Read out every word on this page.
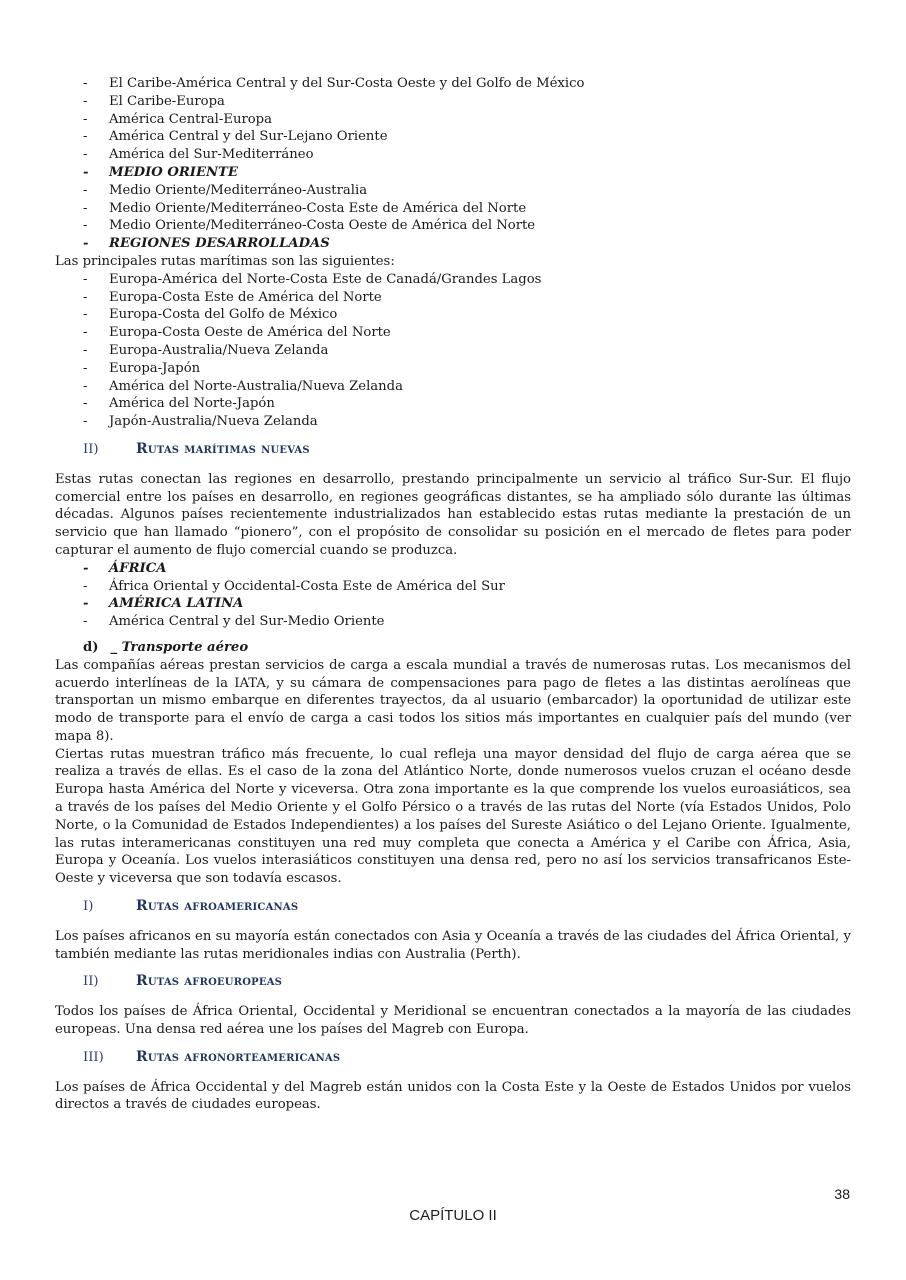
- El Caribe-América Central y del Sur-Costa Oeste y del Golfo de México
- El Caribe-Europa
- América Central-Europa
- América Central y del Sur-Lejano Oriente
- América del Sur-Mediterráneo
- MEDIO ORIENTE
- Medio Oriente/Mediterráneo-Australia
- Medio Oriente/Mediterráneo-Costa Este de América del Norte
- Medio Oriente/Mediterráneo-Costa Oeste de América del Norte
- REGIONES DESARROLLADAS

Las principales rutas marítimas son las siguientes:

- Europa-América del Norte-Costa Este de Canadá/Grandes Lagos
- Europa-Costa Este de América del Norte
- Europa-Costa del Golfo de México
- Europa-Costa Oeste de América del Norte
- Europa-Australia/Nueva Zelanda
- Europa-Japón
- América del Norte-Australia/Nueva Zelanda
- América del Norte-Japón
- Japón-Australia/Nueva Zelanda
II)	Rutas marítimas nuevas

Estas rutas conectan las regiones en desarrollo, prestando principalmente un servicio al tráfico Sur-Sur. El flujo comercial entre los países en desarrollo, en regiones geográficas distantes, se ha ampliado sólo durante las últimas décadas. Algunos países recientemente industrializados han establecido estas rutas mediante la prestación de un servicio que han llamado “pionero”, con el propósito de consolidar su posición en el mercado de fletes para poder capturar el aumento de flujo comercial cuando se produzca.

- ÁFRICA
- África Oriental y Occidental-Costa Este de América del Sur
- AMÉRICA LATINA
- América Central y del Sur-Medio Oriente
d) _ Transporte aéreo

Las compañías aéreas prestan servicios de carga a escala mundial a través de numerosas rutas. Los mecanismos del acuerdo interlíneas de la IATA, y su cámara de compensaciones para pago de fletes a las distintas aerolíneas que transportan un mismo embarque en diferentes trayectos, da al usuario (embarcador) la oportunidad de utilizar este modo de transporte para el envío de carga a casi todos los sitios más importantes en cualquier país del mundo (ver mapa 8).

Ciertas rutas muestran tráfico más frecuente, lo cual refleja una mayor densidad del flujo de carga aérea que se realiza a través de ellas. Es el caso de la zona del Atlántico Norte, donde numerosos vuelos cruzan el océano desde Europa hasta América del Norte y viceversa. Otra zona importante es la que comprende los vuelos euroasiáticos, sea a través de los países del Medio Oriente y el Golfo Pérsico o a través de las rutas del Norte (vía Estados Unidos, Polo Norte, o la Comunidad de Estados Independientes) a los países del Sureste Asiático o del Lejano Oriente. Igualmente, las rutas interamericanas constituyen una red muy completa que conecta a América y el Caribe con África, Asia, Europa y Oceanía. Los vuelos interasiáticos constituyen una densa red, pero no así los servicios transafricanos Este-Oeste y viceversa que son todavía escasos.

I)	Rutas afroamericanas

Los países africanos en su mayoría están conectados con Asia y Oceanía a través de las ciudades del África Oriental, y también mediante las rutas meridionales indias con Australia (Perth).

II)	Rutas afroeuropeas

Todos los países de África Oriental, Occidental y Meridional se encuentran conectados a la mayoría de las ciudades europeas. Una densa red aérea une los países del Magreb con Europa.

III)	Rutas afronorteamericanas

Los países de África Occidental y del Magreb están unidos con la Costa Este y la Oeste de Estados Unidos por vuelos directos a través de ciudades europeas.

38
CAPÍTULO II
